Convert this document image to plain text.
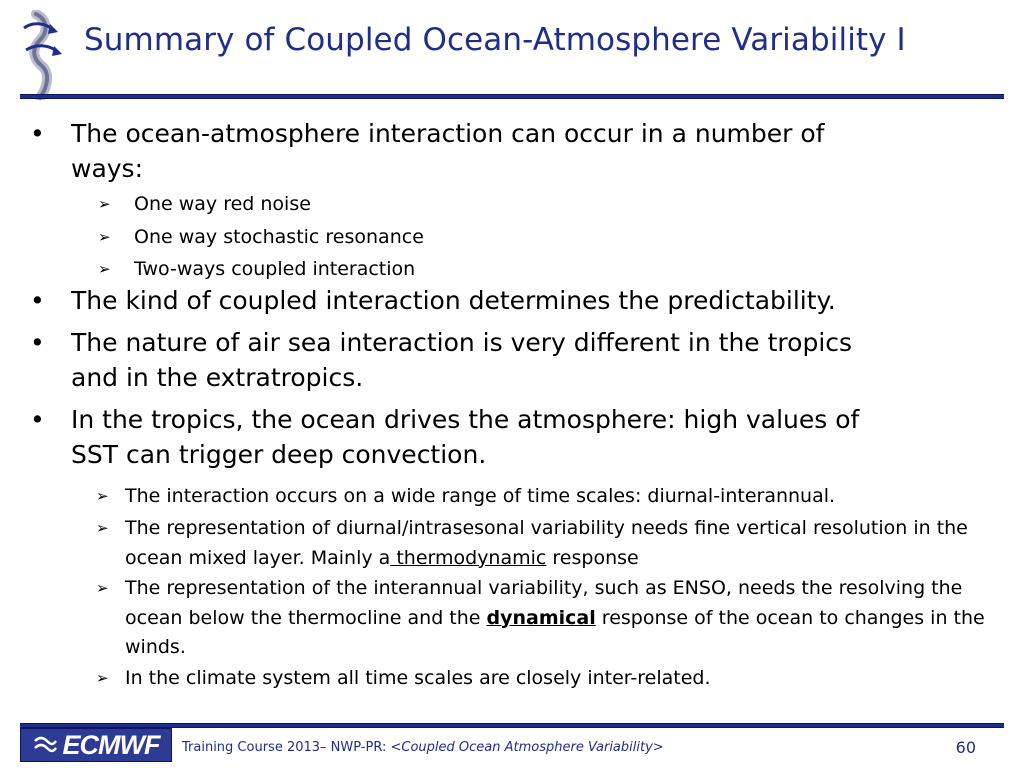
Summary of Coupled Ocean-Atmosphere Variability I
• The ocean-atmosphere interaction can occur in a number of
ways:
➢ One way red noise
➢ One way stochastic resonance
➢ Two-ways coupled interaction
• The kind of coupled interaction determines the predictability.
• The nature of air sea interaction is very different in the tropics
and in the extratropics.
• In the tropics, the ocean drives the atmosphere: high values of
SST can trigger deep convection.
➢ The interaction occurs on a wide range of time scales: diurnal-interannual.
➢ The representation of diurnal/intrasesonal variability needs fine vertical resolution in the ocean mixed layer. Mainly a thermodynamic response
➢ The representation of the interannual variability, such as ENSO, needs the resolving the ocean below the thermocline and the dynamical response of the ocean to changes in the winds.
➢ In the climate system all time scales are closely inter-related.
ECMWF Training Course 2013– NWP-PR: <Coupled Ocean Atmosphere Variability>	60
